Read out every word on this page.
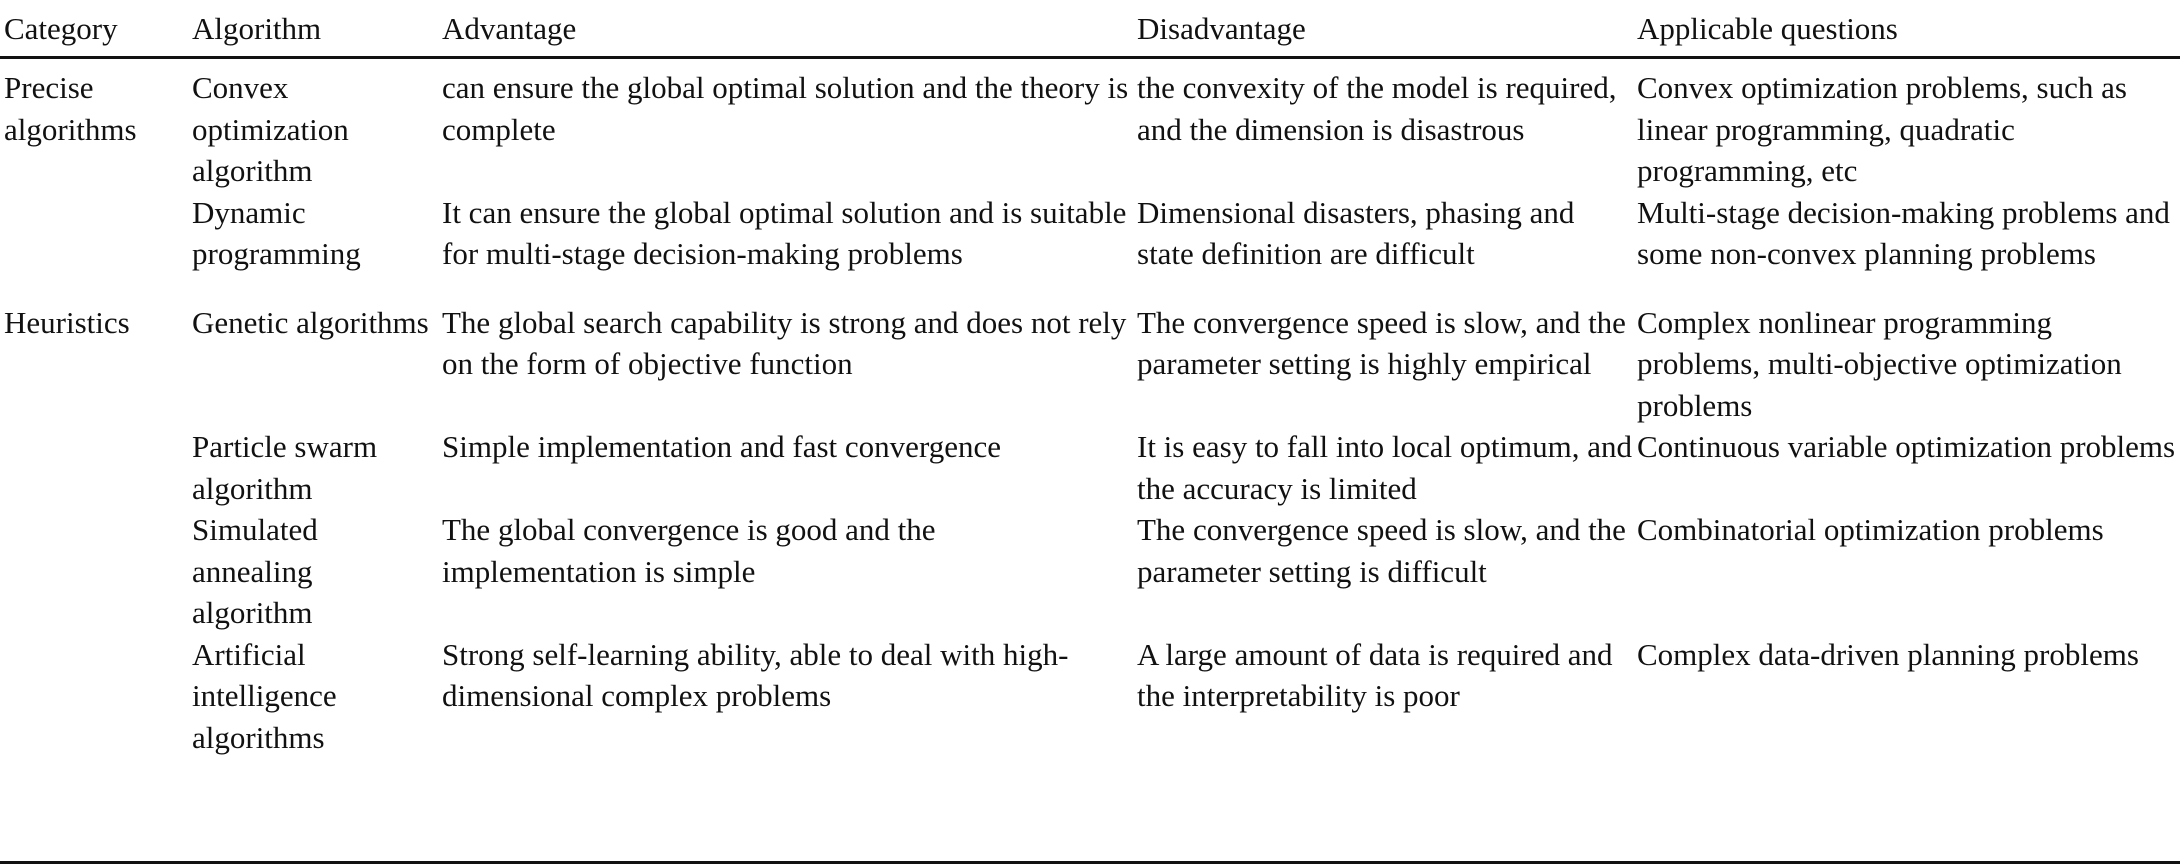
Category	Algorithm	Advantage	Disadvantage	Applicable questions
Precise algorithms	Convex optimization algorithm	can ensure the global optimal solution and the theory is complete	the convexity of the model is required, and the dimension is disastrous	Convex optimization problems, such as linear programming, quadratic programming, etc
	Dynamic programming	It can ensure the global optimal solution and is suitable for multi-stage decision-making problems	Dimensional disasters, phasing and state definition are difficult	Multi-stage decision-making problems and some non-convex planning problems
Heuristics	Genetic algorithms	The global search capability is strong and does not rely on the form of objective function	The convergence speed is slow, and the parameter setting is highly empirical	Complex nonlinear programming problems, multi-objective optimization problems
	Particle swarm algorithm	Simple implementation and fast convergence	It is easy to fall into local optimum, and the accuracy is limited	Continuous variable optimization problems
	Simulated annealing algorithm	The global convergence is good and the implementation is simple	The convergence speed is slow, and the parameter setting is difficult	Combinatorial optimization problems
	Artificial intelligence algorithms	Strong self-learning ability, able to deal with high-dimensional complex problems	A large amount of data is required and the interpretability is poor	Complex data-driven planning problems
